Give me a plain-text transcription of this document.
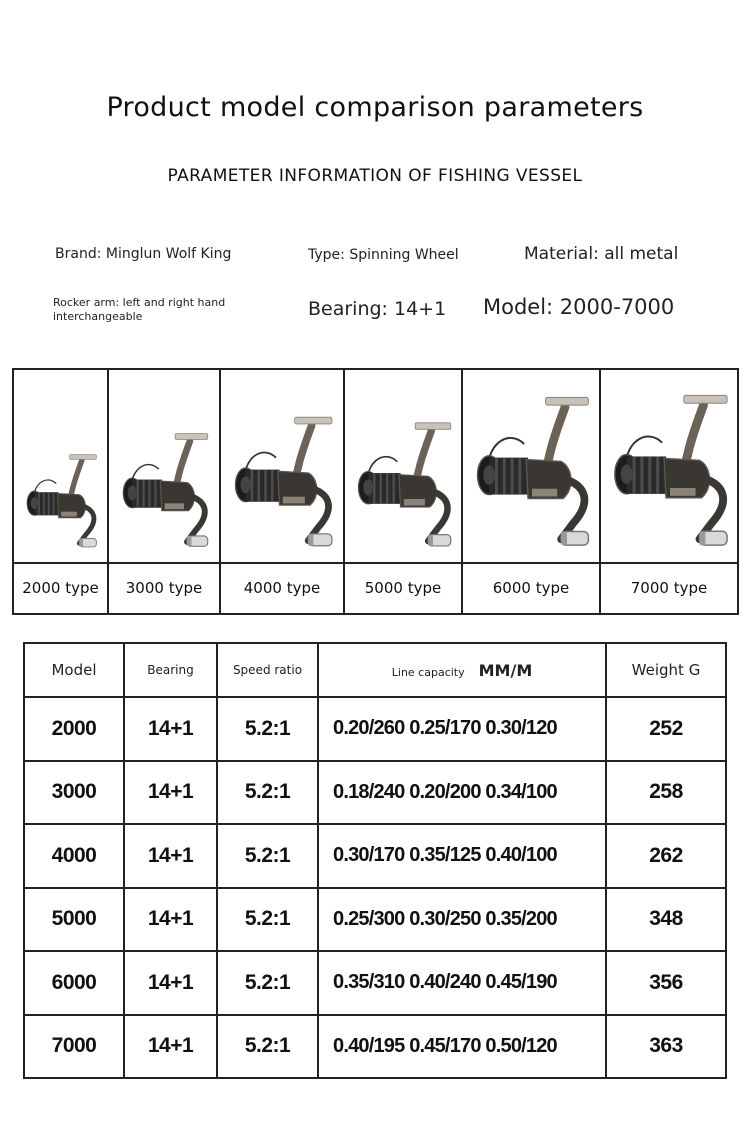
Product model comparison parameters
PARAMETER INFORMATION OF FISHING VESSEL
Brand: Minglun Wolf King	Type: Spinning Wheel	Material: all metal
Rocker arm: left and right hand interchangeable	Bearing: 14+1 Model: 2000-7000
2000 type	3000 type	4000 type	5000 type	6000 type	7000 type
Model	Bearing	Speed ratio	Line capacity MM/M	Weight G
2000	14+1	5.2:1	0.20/260 0.25/170 0.30/120	252
3000	14+1	5.2:1	0.18/240 0.20/200 0.34/100	258
4000	14+1	5.2:1	0.30/170 0.35/125 0.40/100	262
5000	14+1	5.2:1	0.25/300 0.30/250 0.35/200	348
6000	14+1	5.2:1	0.35/310 0.40/240 0.45/190	356
7000	14+1	5.2:1	0.40/195 0.45/170 0.50/120	363
